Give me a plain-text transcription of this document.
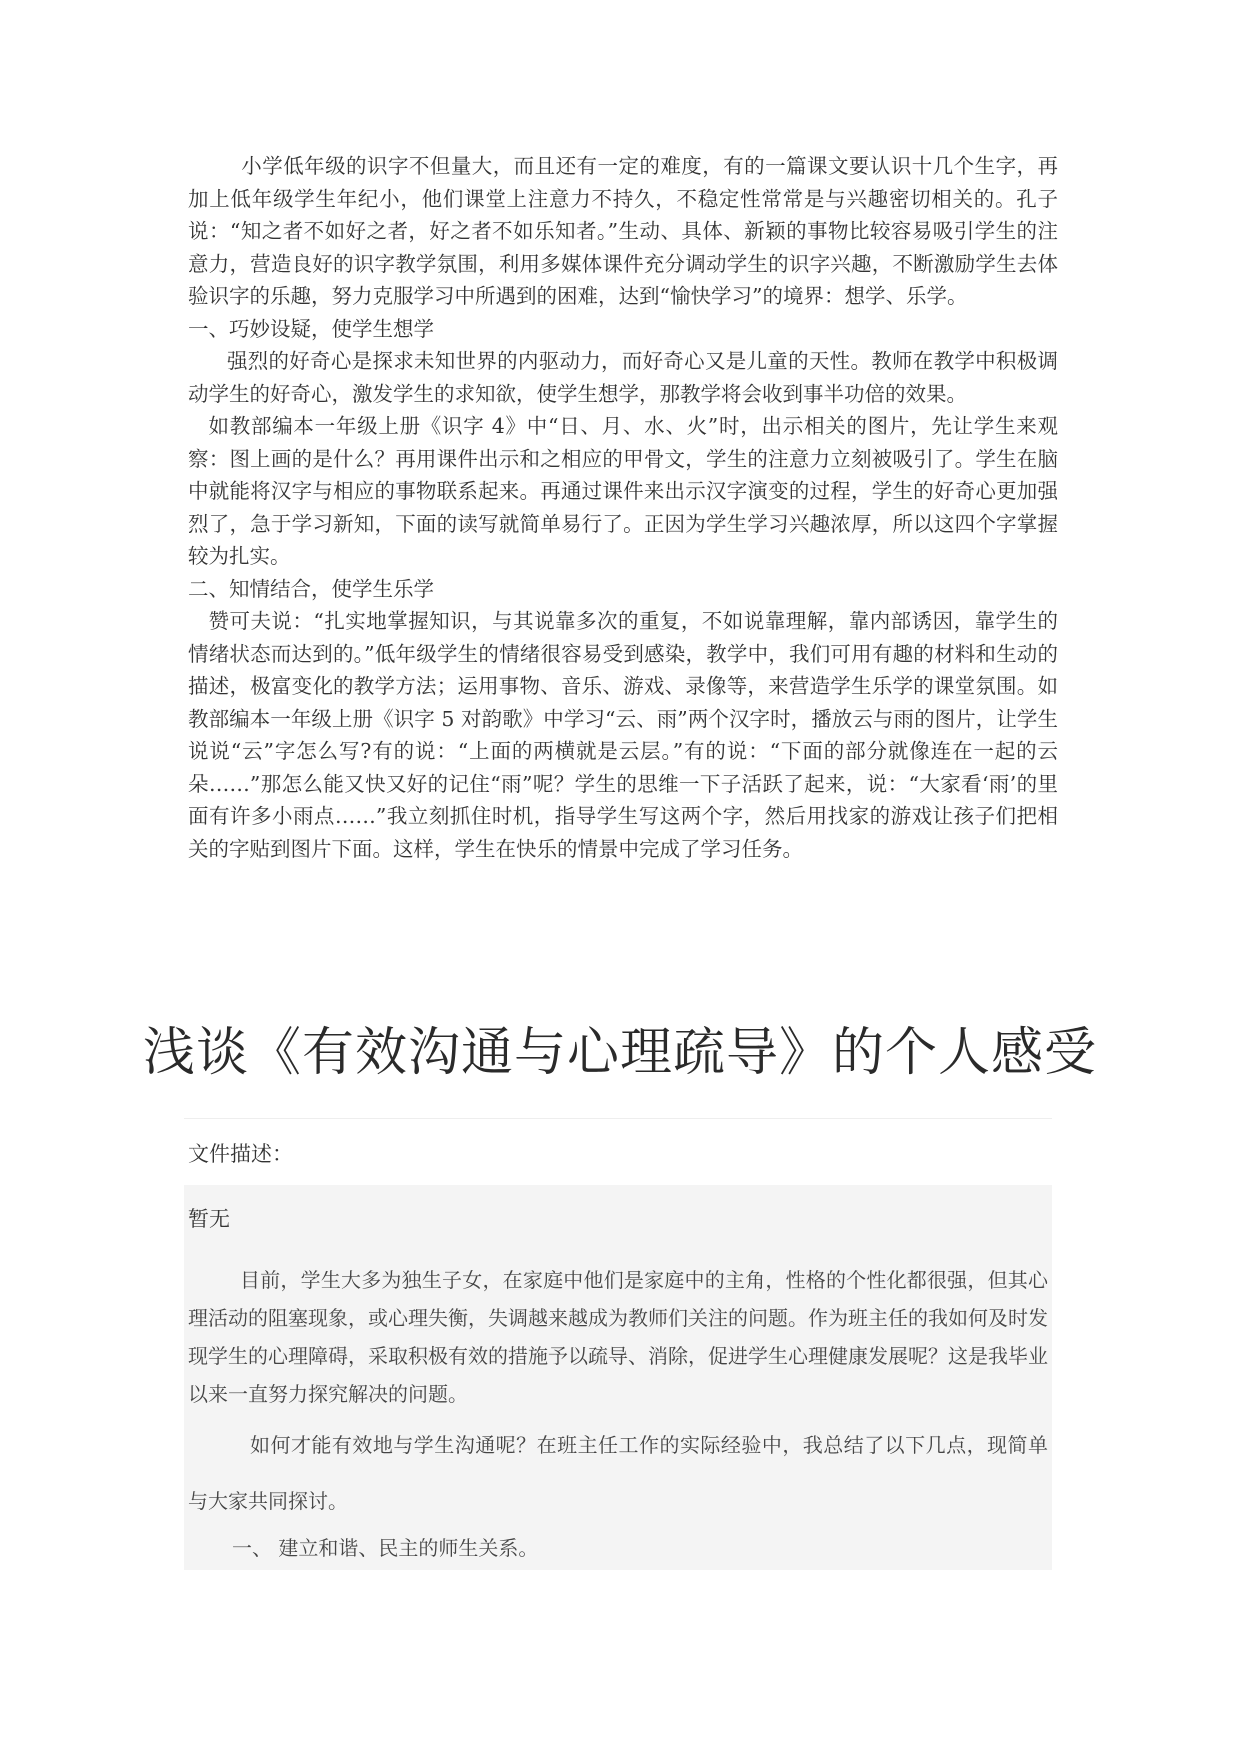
小学低年级的识字不但量大，而且还有一定的难度，有的一篇课文要认识十几个生字，再加上低年级学生年纪小，他们课堂上注意力不持久，不稳定性常常是与兴趣密切相关的。孔子说：“知之者不如好之者，好之者不如乐知者。”生动、具体、新颖的事物比较容易吸引学生的注意力，营造良好的识字教学氛围，利用多媒体课件充分调动学生的识字兴趣，不断激励学生去体验识字的乐趣，努力克服学习中所遇到的困难，达到“愉快学习”的境界：想学、乐学。

一、巧妙设疑，使学生想学

强烈的好奇心是探求未知世界的内驱动力，而好奇心又是儿童的天性。教师在教学中积极调动学生的好奇心，激发学生的求知欲，使学生想学，那教学将会收到事半功倍的效果。

如教部编本一年级上册《识字 4》中“日、月、水、火”时，出示相关的图片，先让学生来观察：图上画的是什么？再用课件出示和之相应的甲骨文，学生的注意力立刻被吸引了。学生在脑中就能将汉字与相应的事物联系起来。再通过课件来出示汉字演变的过程，学生的好奇心更加强烈了，急于学习新知，下面的读写就简单易行了。正因为学生学习兴趣浓厚，所以这四个字掌握较为扎实。

二、知情结合，使学生乐学

赞可夫说：“扎实地掌握知识，与其说靠多次的重复，不如说靠理解，靠内部诱因，靠学生的情绪状态而达到的。”低年级学生的情绪很容易受到感染，教学中，我们可用有趣的材料和生动的描述，极富变化的教学方法；运用事物、音乐、游戏、录像等，来营造学生乐学的课堂氛围。如教部编本一年级上册《识字 5 对韵歌》中学习“云、雨”两个汉字时，播放云与雨的图片，让学生说说“云”字怎么写?有的说：“上面的两横就是云层。”有的说：“下面的部分就像连在一起的云朵……”那怎么能又快又好的记住“雨”呢？学生的思维一下子活跃了起来，说：“大家看‘雨’的里面有许多小雨点……”我立刻抓住时机，指导学生写这两个字，然后用找家的游戏让孩子们把相关的字贴到图片下面。这样，学生在快乐的情景中完成了学习任务。

浅谈《有效沟通与心理疏导》的个人感受
文件描述：
暂无

目前，学生大多为独生子女，在家庭中他们是家庭中的主角，性格的个性化都很强，但其心理活动的阻塞现象，或心理失衡，失调越来越成为教师们关注的问题。作为班主任的我如何及时发现学生的心理障碍，采取积极有效的措施予以疏导、消除，促进学生心理健康发展呢？这是我毕业以来一直努力探究解决的问题。

如何才能有效地与学生沟通呢？在班主任工作的实际经验中，我总结了以下几点，现简单与大家共同探讨。

一、 建立和谐、民主的师生关系。
